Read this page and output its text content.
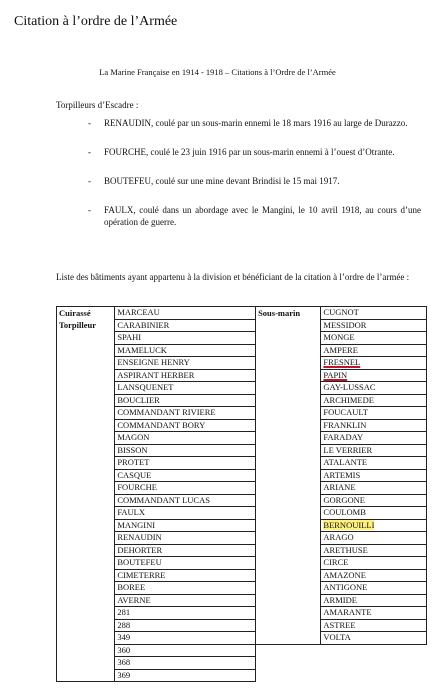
Citation à l’ordre de l’Armée
La Marine Française en 1914 - 1918 – Citations à l’Ordre de l’Armée
Torpilleurs d’Escadre :
- RENAUDIN, coulé par un sous-marin ennemi le 18 mars 1916 au large de Durazzo.
- FOURCHE, coulé le 23 juin 1916 par un sous-marin ennemi à l’ouest d’Otrante.
- BOUTEFEU, coulé sur une mine devant Brindisi le 15 mai 1917.
- FAULX, coulé dans un abordage avec le Mangini, le 10 avril 1918, au cours d’une opération de guerre.
Liste des bâtiments ayant appartenu à la division et bénéficiant de la citation à l’ordre de l’armée :
Cuirassé	MARCEAU	Sous-marin	CUGNOT
Torpilleur	CARABINIER		MESSIDOR
	SPAHI		MONGE
	MAMELUCK		AMPERE
	ENSEIGNE HENRY		FRESNEL
	ASPIRANT HERBER		PAPIN
	LANSQUENET		GAY-LUSSAC
	BOUCLIER		ARCHIMEDE
	COMMANDANT RIVIERE		FOUCAULT
	COMMANDANT BORY		FRANKLIN
	MAGON		FARADAY
	BISSON		LE VERRIER
	PROTET		ATALANTE
	CASQUE		ARTEMIS
	FOURCHE		ARIANE
	COMMANDANT LUCAS		GORGONE
	FAULX		COULOMB
	MANGINI		BERNOUILLI
	RENAUDIN		ARAGO
	DEHORTER		ARETHUSE
	BOUTEFEU		CIRCE
	CIMETERRE		AMAZONE
	BOREE		ANTIGONE
	AVERNE		ARMIDE
	281		AMARANTE
	288		ASTREE
	349		VOLTA
	360		
	368		
	369		
